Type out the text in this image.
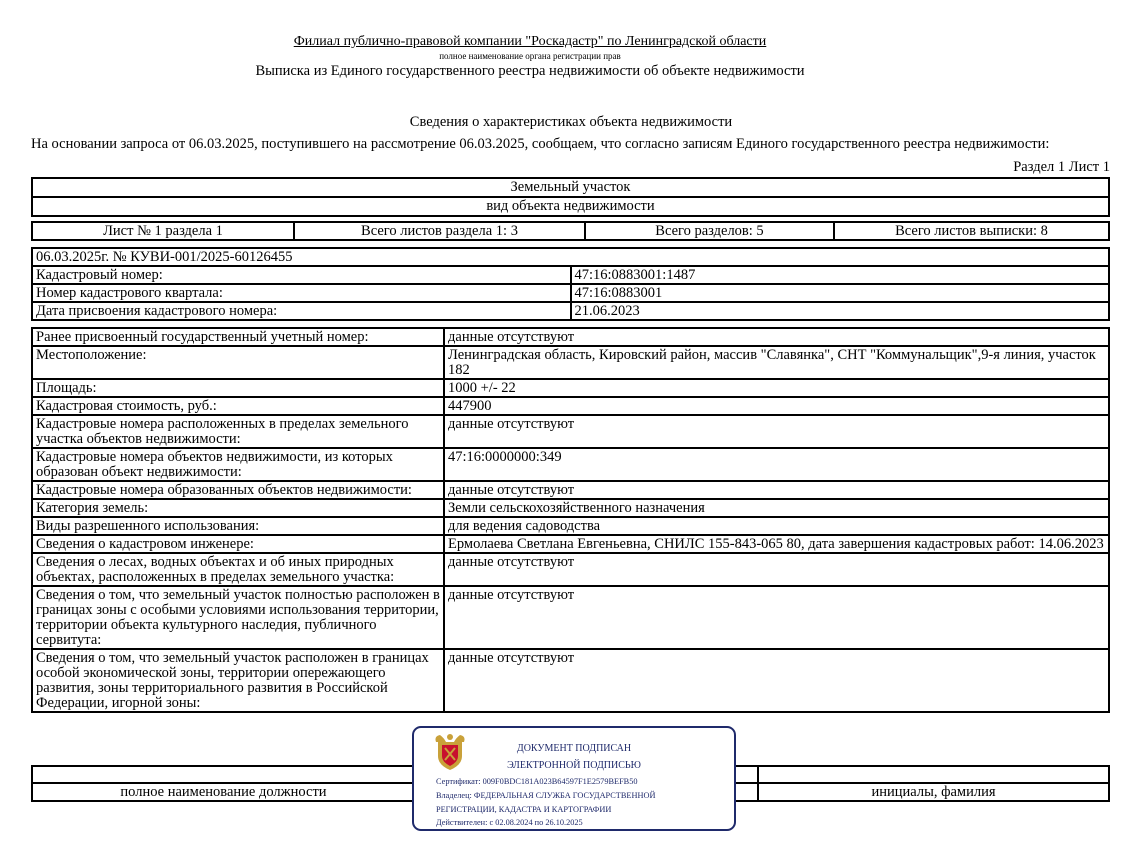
Филиал публично-правовой компании "Роскадастр" по Ленинградской области
полное наименование органа регистрации прав
Выписка из Единого государственного реестра недвижимости об объекте недвижимости
Сведения о характеристиках объекта недвижимости
На основании запроса от 06.03.2025, поступившего на рассмотрение 06.03.2025, сообщаем, что согласно записям Единого государственного реестра недвижимости:
Раздел 1 Лист 1
Земельный участок
вид объекта недвижимости
Лист № 1 раздела 1	Всего листов раздела 1: 3	Всего разделов: 5	Всего листов выписки: 8
06.03.2025г. № КУВИ-001/2025-60126455	
Кадастровый номер:	47:16:0883001:1487
Номер кадастрового квартала:	47:16:0883001
Дата присвоения кадастрового номера:	21.06.2023
Ранее присвоенный государственный учетный номер:	данные отсутствуют
Местоположение:	Ленинградская область, Кировский район, массив "Славянка", СНТ "Коммунальщик",9-я линия, участок 182
Площадь:	1000 +/- 22
Кадастровая стоимость, руб.:	447900
Кадастровые номера расположенных в пределах земельного участка объектов недвижимости:	данные отсутствуют
Кадастровые номера объектов недвижимости, из которых образован объект недвижимости:	47:16:0000000:349
Кадастровые номера образованных объектов недвижимости:	данные отсутствуют
Категория земель:	Земли сельскохозяйственного назначения
Виды разрешенного использования:	для ведения садоводства
Сведения о кадастровом инженере:	Ермолаева Светлана Евгеньевна, СНИЛС 155-843-065 80, дата завершения кадастровых работ: 14.06.2023
Сведения о лесах, водных объектах и об иных природных объектах, расположенных в пределах земельного участка:	данные отсутствуют
Сведения о том, что земельный участок полностью расположен в границах зоны с особыми условиями использования территории, территории объекта культурного наследия, публичного сервитута:	данные отсутствуют
Сведения о том, что земельный участок расположен в границах особой экономической зоны, территории опережающего развития, зоны территориального развития в Российской Федерации, игорной зоны:	данные отсутствуют

полное наименование должности		инициалы, фамилия
ДОКУМЕНТ ПОДПИСАН
ЭЛЕКТРОННОЙ ПОДПИСЬЮ
Сертификат: 009F0BDC181A023B64597F1E2579BEFB50
Владелец: ФЕДЕРАЛЬНАЯ СЛУЖБА ГОСУДАРСТВЕННОЙ
РЕГИСТРАЦИИ, КАДАСТРА И КАРТОГРАФИИ
Действителен: с 02.08.2024 по 26.10.2025
